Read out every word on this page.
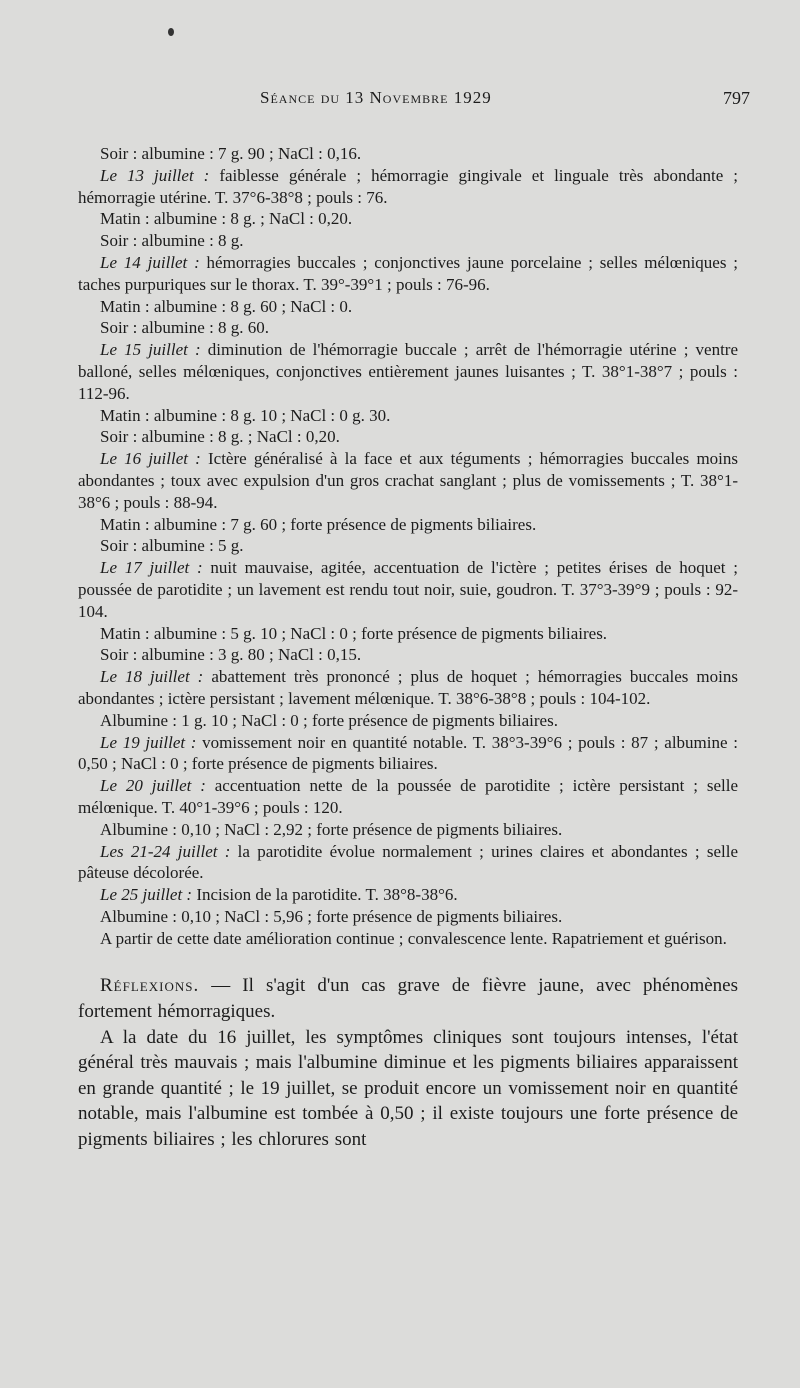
Séance du 13 Novembre 1929	797

Soir : albumine : 7 g. 90 ; NaCl : 0,16.

Le 13 juillet : faiblesse générale ; hémorragie gingivale et linguale très abondante ; hémorragie utérine. T. 37°6-38°8 ; pouls : 76.

Matin : albumine : 8 g. ; NaCl : 0,20.

Soir : albumine : 8 g.

Le 14 juillet : hémorragies buccales ; conjonctives jaune porcelaine ; selles mélœniques ; taches purpuriques sur le thorax. T. 39°-39°1 ; pouls : 76-96.

Matin : albumine : 8 g. 60 ; NaCl : 0.

Soir : albumine : 8 g. 60.

Le 15 juillet : diminution de l'hémorragie buccale ; arrêt de l'hémorragie utérine ; ventre balloné, selles mélœniques, conjonctives entièrement jaunes luisantes ; T. 38°1-38°7 ; pouls : 112-96.

Matin : albumine : 8 g. 10 ; NaCl : 0 g. 30.

Soir : albumine : 8 g. ; NaCl : 0,20.

Le 16 juillet : Ictère généralisé à la face et aux téguments ; hémorragies buccales moins abondantes ; toux avec expulsion d'un gros crachat sanglant ; plus de vomissements ; T. 38°1-38°6 ; pouls : 88-94.

Matin : albumine : 7 g. 60 ; forte présence de pigments biliaires.

Soir : albumine : 5 g.

Le 17 juillet : nuit mauvaise, agitée, accentuation de l'ictère ; petites érises de hoquet ; poussée de parotidite ; un lavement est rendu tout noir, suie, goudron. T. 37°3-39°9 ; pouls : 92-104.

Matin : albumine : 5 g. 10 ; NaCl : 0 ; forte présence de pigments biliaires.

Soir : albumine : 3 g. 80 ; NaCl : 0,15.

Le 18 juillet : abattement très prononcé ; plus de hoquet ; hémorragies buccales moins abondantes ; ictère persistant ; lavement mélœnique. T. 38°6-38°8 ; pouls : 104-102.

Albumine : 1 g. 10 ; NaCl : 0 ; forte présence de pigments biliaires.

Le 19 juillet : vomissement noir en quantité notable. T. 38°3-39°6 ; pouls : 87 ; albumine : 0,50 ; NaCl : 0 ; forte présence de pigments biliaires.

Le 20 juillet : accentuation nette de la poussée de parotidite ; ictère persistant ; selle mélœnique. T. 40°1-39°6 ; pouls : 120.

Albumine : 0,10 ; NaCl : 2,92 ; forte présence de pigments biliaires.

Les 21-24 juillet : la parotidite évolue normalement ; urines claires et abondantes ; selle pâteuse décolorée.

Le 25 juillet : Incision de la parotidite. T. 38°8-38°6.

Albumine : 0,10 ; NaCl : 5,96 ; forte présence de pigments biliaires.

A partir de cette date amélioration continue ; convalescence lente. Rapatriement et guérison.

Réflexions. — Il s'agit d'un cas grave de fièvre jaune, avec phénomènes fortement hémorragiques.

A la date du 16 juillet, les symptômes cliniques sont toujours intenses, l'état général très mauvais ; mais l'albumine diminue et les pigments biliaires apparaissent en grande quantité ; le 19 juillet, se produit encore un vomissement noir en quantité notable, mais l'albumine est tombée à 0,50 ; il existe toujours une forte présence de pigments biliaires ; les chlorures sont
